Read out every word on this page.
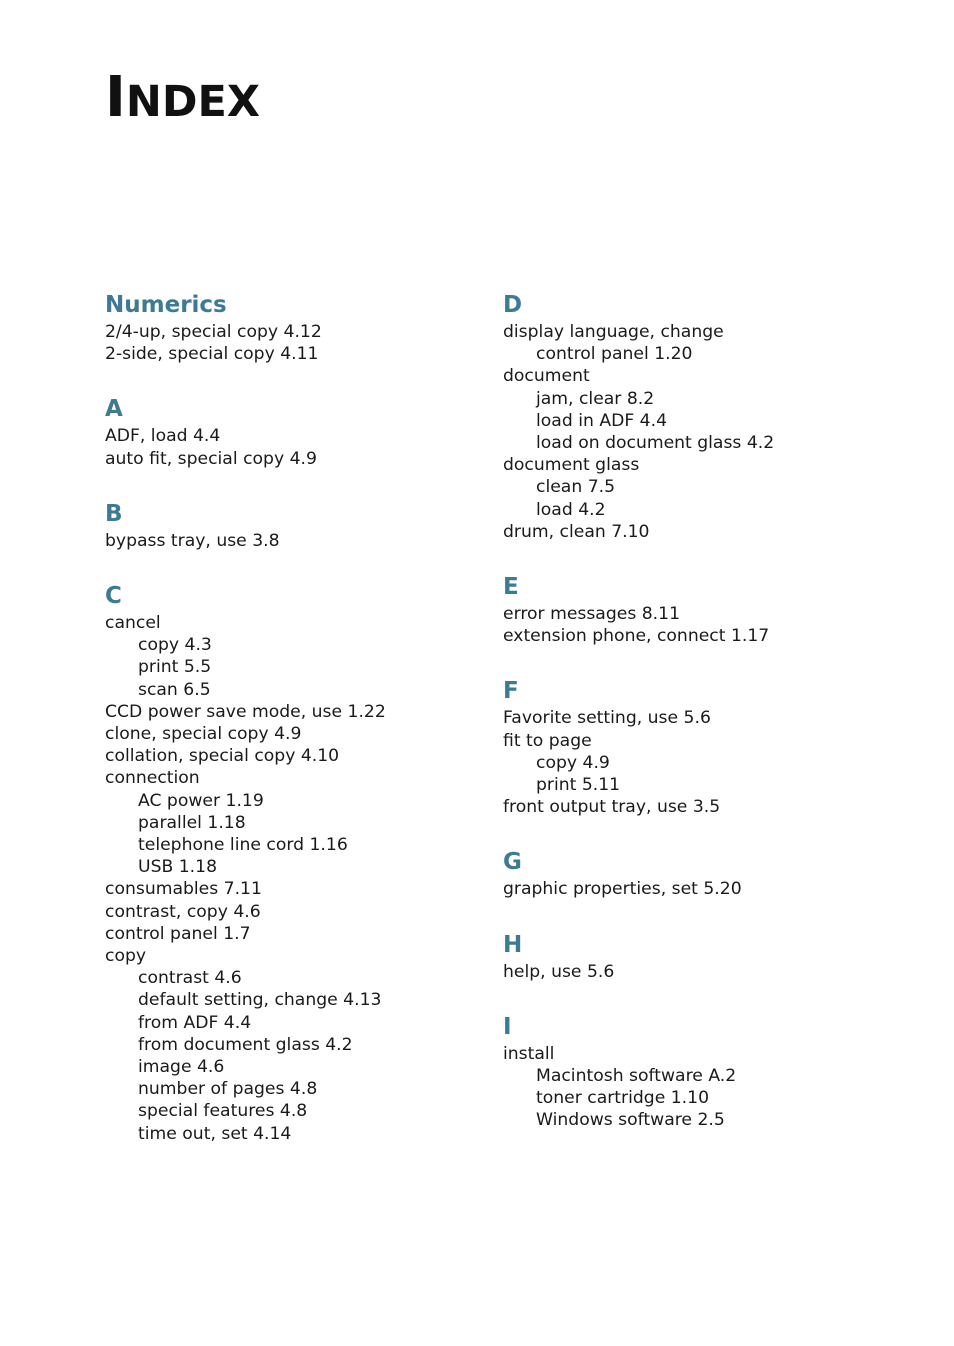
INDEX
Numerics
2/4-up, special copy 4.12
2-side, special copy 4.11
A
ADF, load 4.4
auto fit, special copy 4.9
B
bypass tray, use 3.8
C
cancel
copy 4.3
print 5.5
scan 6.5
CCD power save mode, use 1.22
clone, special copy 4.9
collation, special copy 4.10
connection
AC power 1.19
parallel 1.18
telephone line cord 1.16
USB 1.18
consumables 7.11
contrast, copy 4.6
control panel 1.7
copy
contrast 4.6
default setting, change 4.13
from ADF 4.4
from document glass 4.2
image 4.6
number of pages 4.8
special features 4.8
time out, set 4.14
D
display language, change
control panel 1.20
document
jam, clear 8.2
load in ADF 4.4
load on document glass 4.2
document glass
clean 7.5
load 4.2
drum, clean 7.10
E
error messages 8.11
extension phone, connect 1.17
F
Favorite setting, use 5.6
fit to page
copy 4.9
print 5.11
front output tray, use 3.5
G
graphic properties, set 5.20
H
help, use 5.6
I
install
Macintosh software A.2
toner cartridge 1.10
Windows software 2.5
